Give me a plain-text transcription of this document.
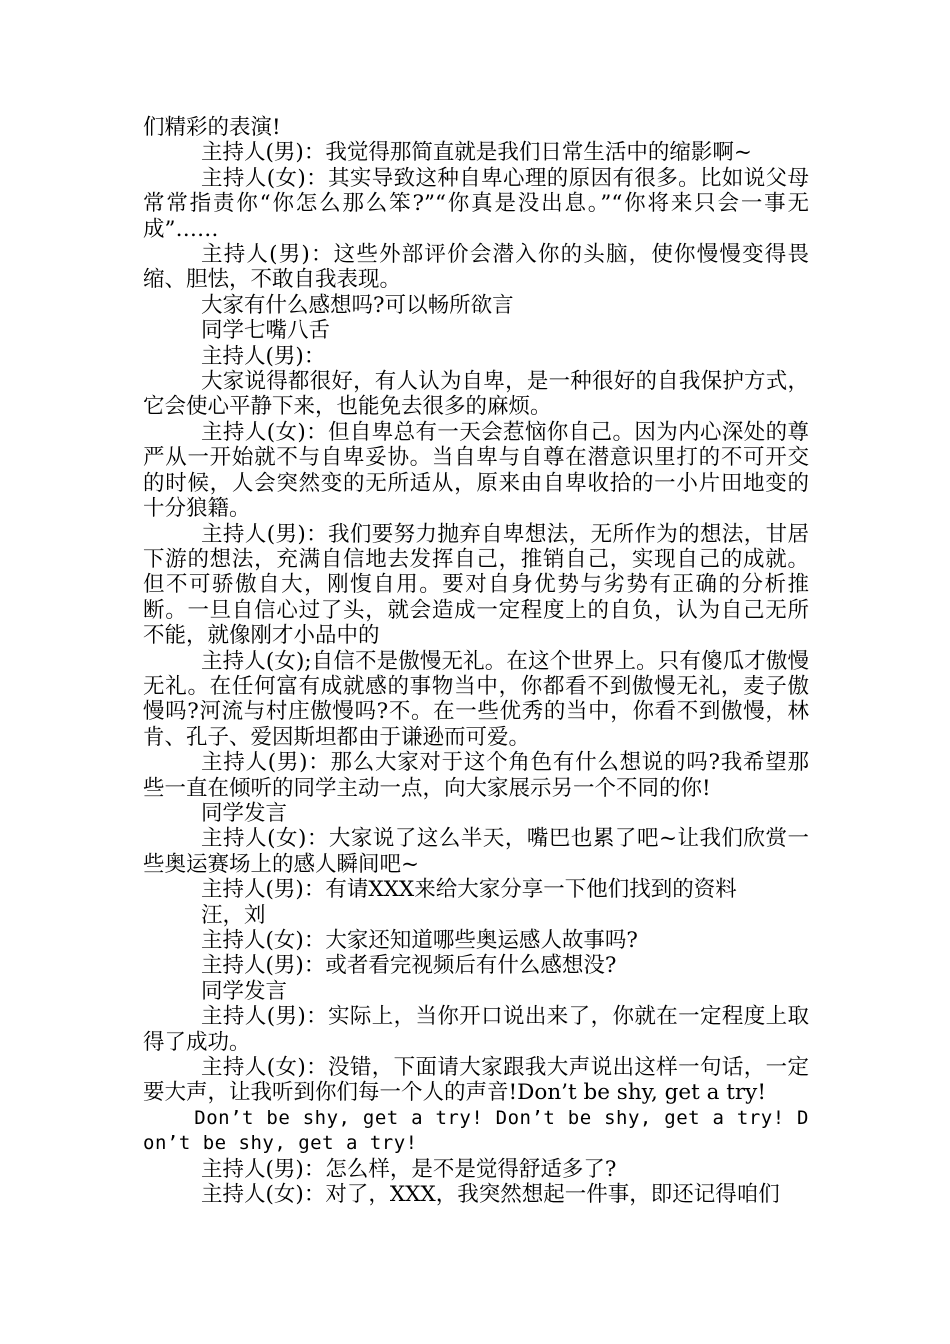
们精彩的表演!

主持人(男)：我觉得那简直就是我们日常生活中的缩影啊~

主持人(女)：其实导致这种自卑心理的原因有很多。比如说父母常常指责你“你怎么那么笨?”“你真是没出息。”“你将来只会一事无成”……

主持人(男)：这些外部评价会潜入你的头脑，使你慢慢变得畏缩、胆怯，不敢自我表现。

大家有什么感想吗?可以畅所欲言

同学七嘴八舌

主持人(男)：

大家说得都很好，有人认为自卑，是一种很好的自我保护方式，它会使心平静下来，也能免去很多的麻烦。

主持人(女)：但自卑总有一天会惹恼你自己。因为内心深处的尊严从一开始就不与自卑妥协。当自卑与自尊在潜意识里打的不可开交的时候，人会突然变的无所适从，原来由自卑收拾的一小片田地变的十分狼籍。

主持人(男)：我们要努力抛弃自卑想法，无所作为的想法，甘居下游的想法，充满自信地去发挥自己，推销自己，实现自己的成就。但不可骄傲自大，刚愎自用。要对自身优势与劣势有正确的分析推断。一旦自信心过了头，就会造成一定程度上的自负，认为自己无所不能，就像刚才小品中的

主持人(女);自信不是傲慢无礼。在这个世界上。只有傻瓜才傲慢无礼。在任何富有成就感的事物当中，你都看不到傲慢无礼，麦子傲慢吗?河流与村庄傲慢吗?不。在一些优秀的当中，你看不到傲慢，林肯、孔子、爱因斯坦都由于谦逊而可爱。

主持人(男)：那么大家对于这个角色有什么想说的吗?我希望那些一直在倾听的同学主动一点，向大家展示另一个不同的你!

同学发言

主持人(女)：大家说了这么半天，嘴巴也累了吧~让我们欣赏一些奥运赛场上的感人瞬间吧~

主持人(男)：有请XXX来给大家分享一下他们找到的资料

汪，刘

主持人(女)：大家还知道哪些奥运感人故事吗?

主持人(男)：或者看完视频后有什么感想没?

同学发言

主持人(男)：实际上，当你开口说出来了，你就在一定程度上取得了成功。

主持人(女)：没错，下面请大家跟我大声说出这样一句话，一定要大声，让我听到你们每一个人的声音!Don’t be shy, get a try!

Don’t be shy, get a try! Don’t be shy, get a try! Don’t be shy, get a try!

主持人(男)：怎么样，是不是觉得舒适多了?

主持人(女)：对了，XXX，我突然想起一件事，即还记得咱们
